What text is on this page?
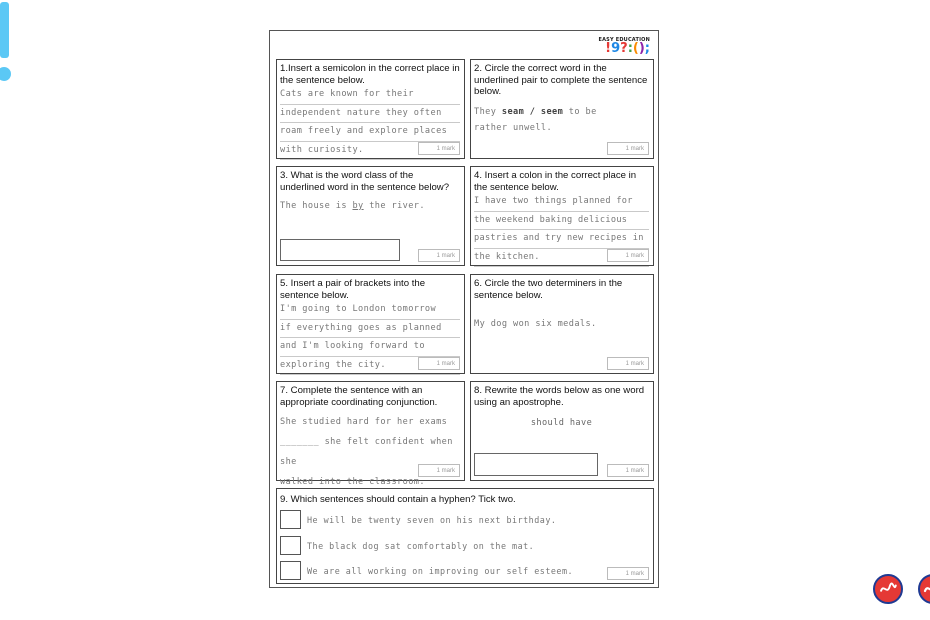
EASY EDUCATION
!9?:();
1.Insert a semicolon in the correct place in the sentence below.
Cats are known for their
independent nature they often
roam freely and explore places
with curiosity.	1 mark
2. Circle the correct word in the underlined pair to complete the sentence below.
They seam / seem to be
rather unwell.
1 mark
3. What is the word class of the underlined word in the sentence below?
The house is by the river.
1 mark
4. Insert a colon in the correct place in the sentence below.
I have two things planned for
the weekend baking delicious
pastries and try new recipes in
the kitchen.	1 mark
5. Insert a pair of brackets into the sentence below.
I'm going to London tomorrow
if everything goes as planned
and I'm looking forward to
exploring the city.	1 mark
6. Circle the two determiners in the sentence below.
My dog won six medals.
1 mark
7. Complete the sentence with an appropriate coordinating conjunction.
She studied hard for her exams
_______ she felt confident when she
walked into the classroom.
1 mark
8. Rewrite the words below as one word using an apostrophe.
should have
1 mark
9. Which sentences should contain a hyphen? Tick two.
He will be twenty seven on his next birthday.
The black dog sat comfortably on the mat.
We are all working on improving our self esteem.	1 mark
